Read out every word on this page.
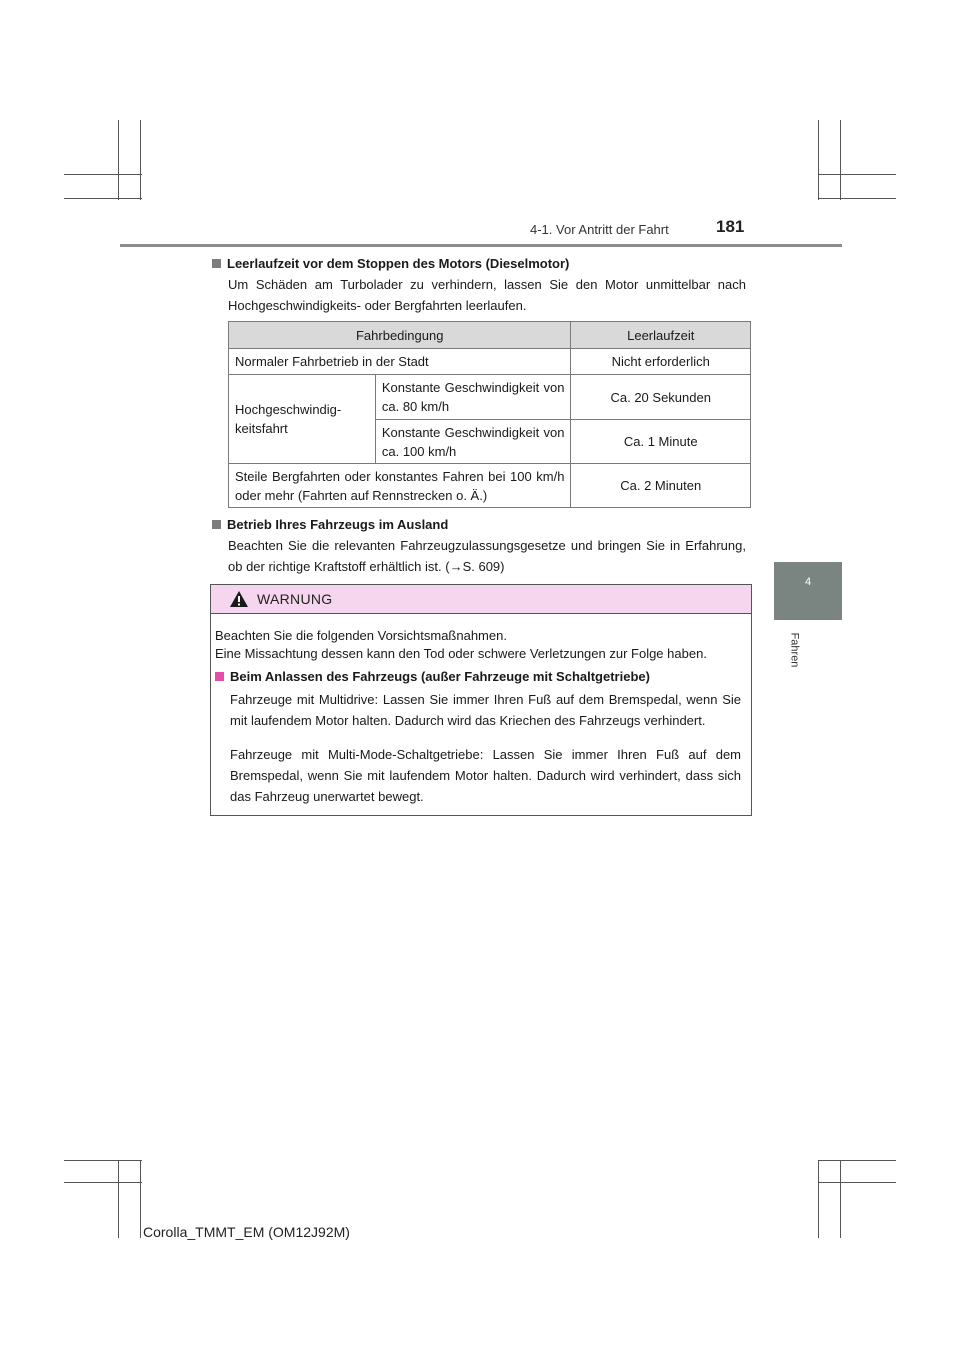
4-1. Vor Antritt der Fahrt	181
4
Fahren
Leerlaufzeit vor dem Stoppen des Motors (Dieselmotor)
Um Schäden am Turbolader zu verhindern, lassen Sie den Motor unmittelbar nach Hochgeschwindigkeits- oder Bergfahrten leerlaufen.
Fahrbedingung		Leerlaufzeit
Normaler Fahrbetrieb in der Stadt		Nicht erforderlich
Hochgeschwindig-keitsfahrt	Konstante Geschwindigkeit von ca. 80 km/h	Ca. 20 Sekunden
	Konstante Geschwindigkeit von ca. 100 km/h	Ca. 1 Minute
Steile Bergfahrten oder konstantes Fahren bei 100 km/h oder mehr (Fahrten auf Rennstrecken o. Ä.)		Ca. 2 Minuten
Betrieb Ihres Fahrzeugs im Ausland
Beachten Sie die relevanten Fahrzeugzulassungsgesetze und bringen Sie in Erfahrung, ob der richtige Kraftstoff erhältlich ist. (→S. 609)
WARNUNG
Beachten Sie die folgenden Vorsichtsmaßnahmen.
Eine Missachtung dessen kann den Tod oder schwere Verletzungen zur Folge haben.
Beim Anlassen des Fahrzeugs (außer Fahrzeuge mit Schaltgetriebe)
Fahrzeuge mit Multidrive: Lassen Sie immer Ihren Fuß auf dem Bremspedal, wenn Sie mit laufendem Motor halten. Dadurch wird das Kriechen des Fahrzeugs verhindert.
Fahrzeuge mit Multi-Mode-Schaltgetriebe: Lassen Sie immer Ihren Fuß auf dem Bremspedal, wenn Sie mit laufendem Motor halten. Dadurch wird verhindert, dass sich das Fahrzeug unerwartet bewegt.
Corolla_TMMT_EM (OM12J92M)
